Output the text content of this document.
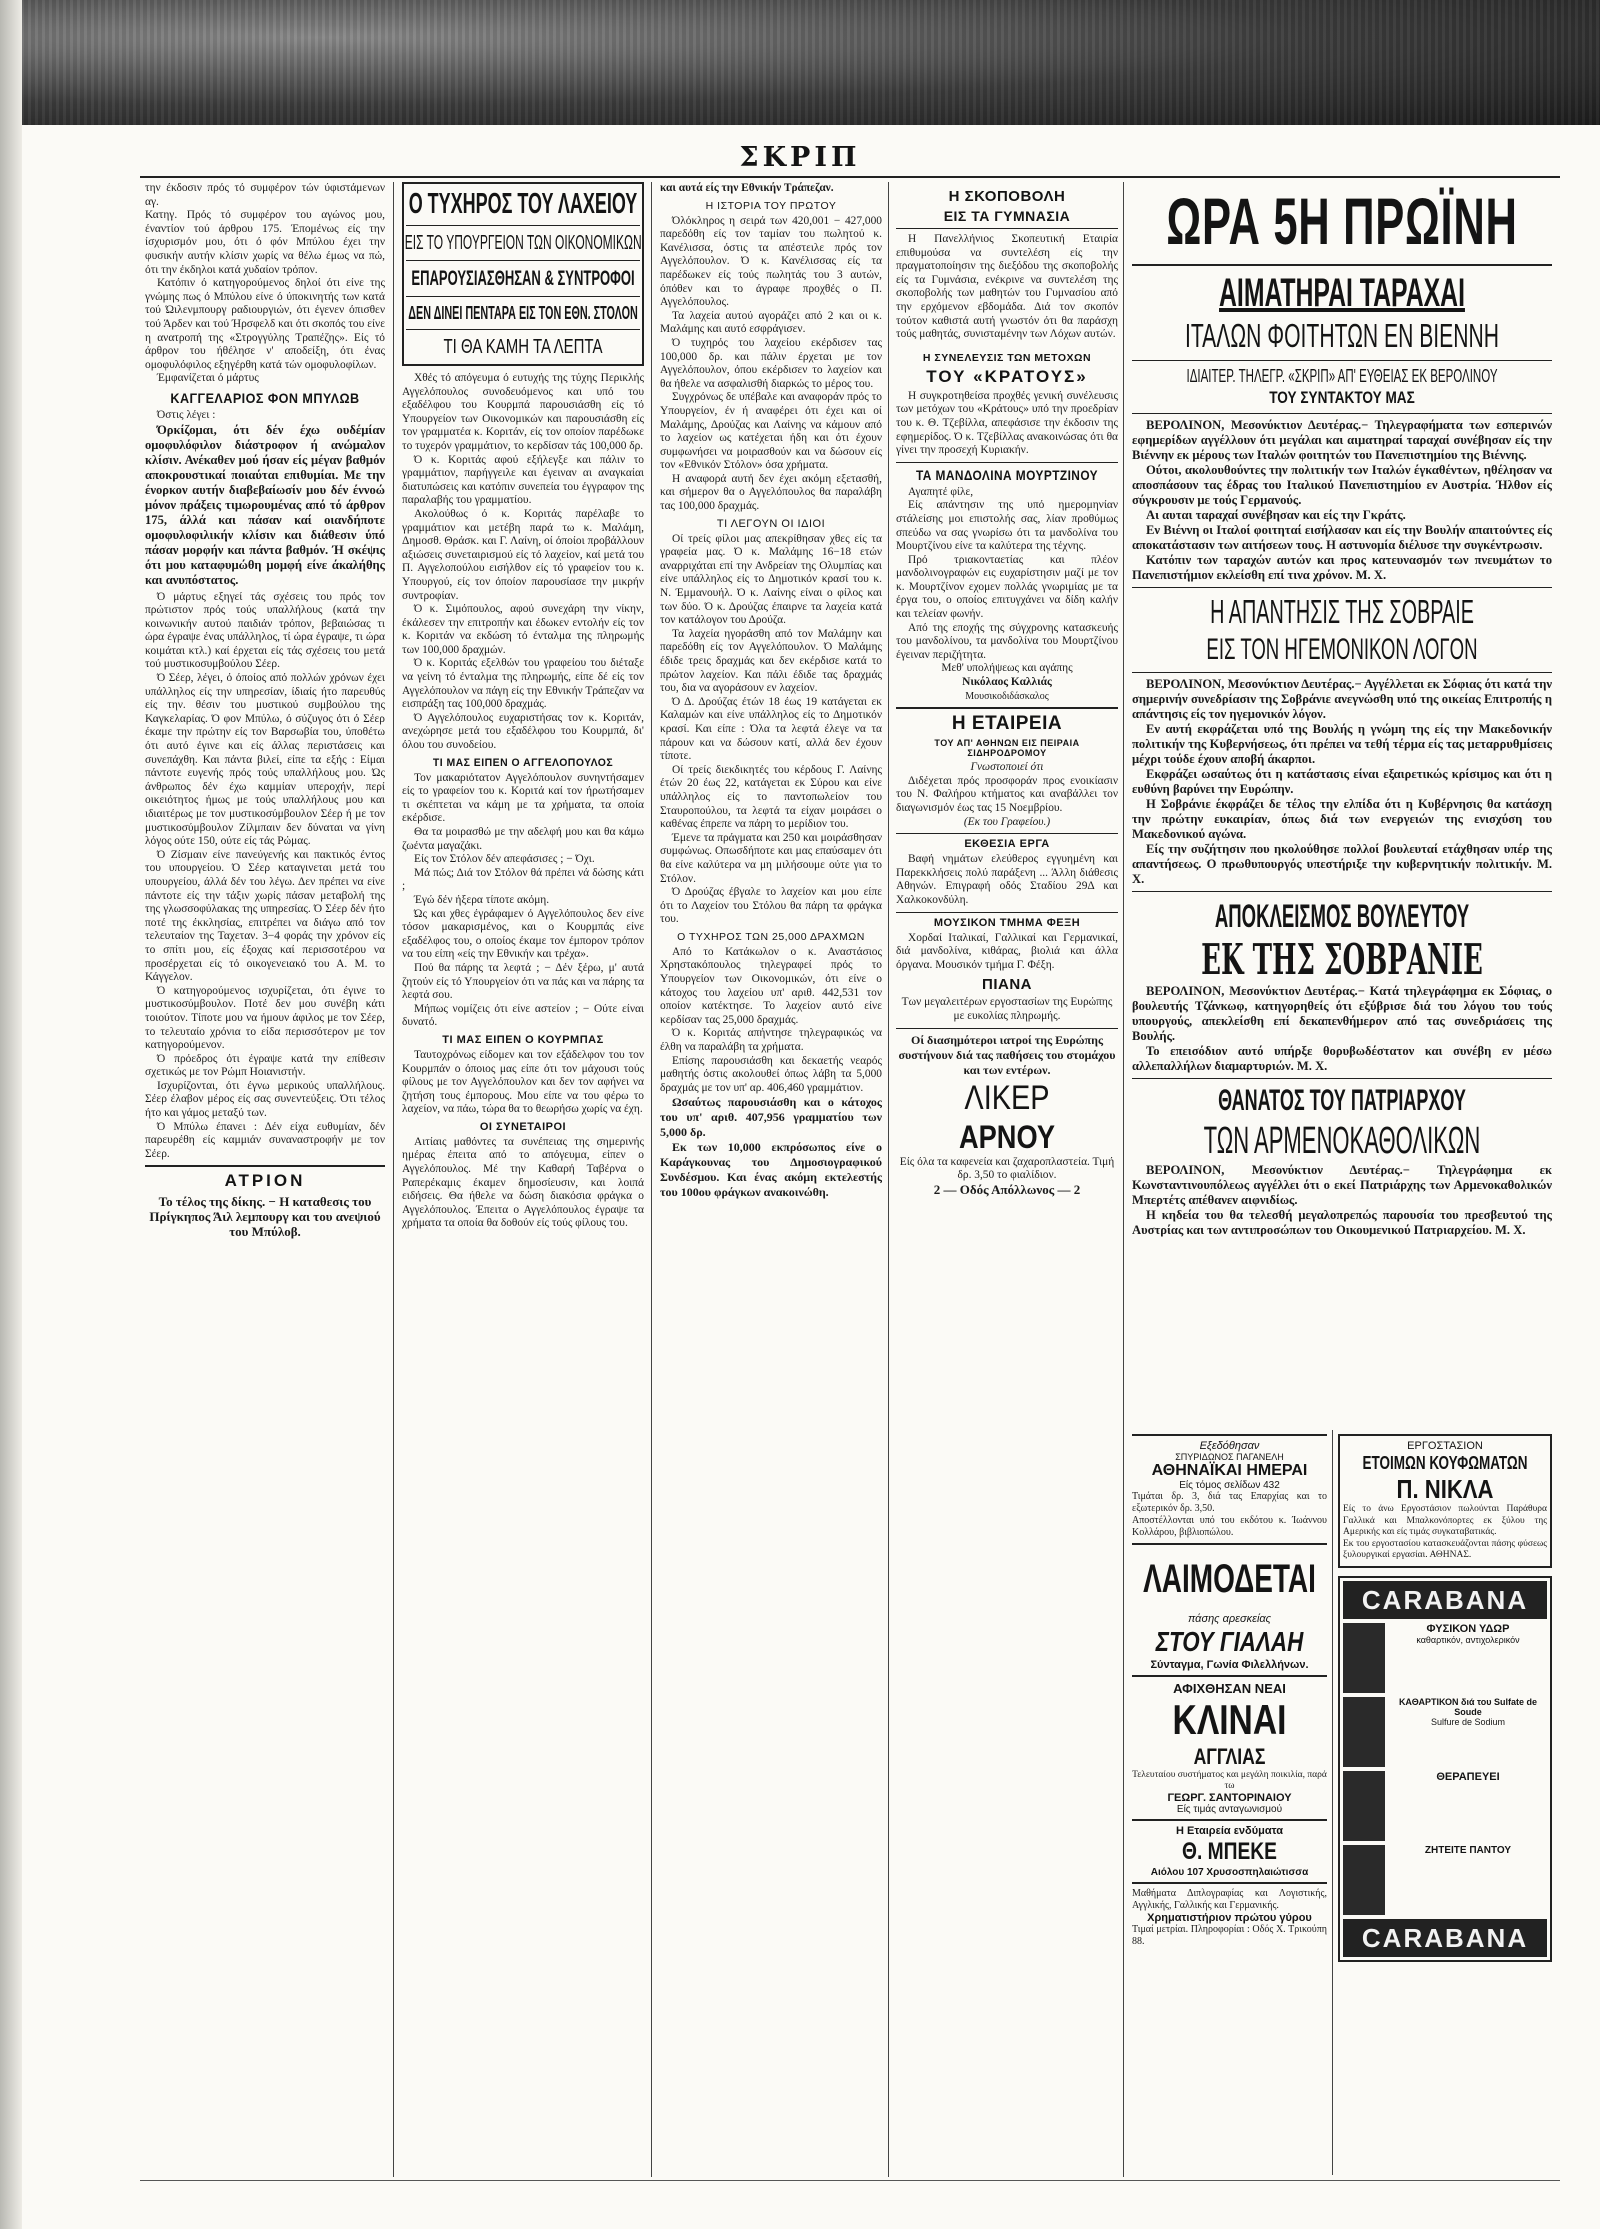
ΣΚΡΙΠ

την έκδοσιν πρός τό συμφέρον τών ύφιστάμενων αγ.

Κατηγ. Πρός τό συμφέρον του αγώνος μου, έναντίον τού άρθρου 175. Έπομένως είς την ίσχυρισμόν μου, ότι ό φόν Μπύλου έχει την φυσικήν αυτήν κλίσιν χωρίς να θέλω έμως να πώ, ότι την έκδηλοι κατά χυδαίον τρόπον.

Κατόπιν ό κατηγορούμενος δηλοί ότι είνε της γνώμης πως ό Μπύλου είνε ό ύποκινητής των κατά τού Ώιλενμπουργ ραδιουργιών, ότι έγενεν όπισθεν τού Άρδεν και τού Ήρσφελδ και ότι σκοπός του είνε η ανατροπή της «Στρογγύλης Τραπέζης». Είς τό άρθρον του ήθέλησε ν' αποδείξη, ότι ένας ομοφυλόφιλος εξηγέρθη κατά τών ομοφυλοφίλων.

Έμφανίζεται ό μάρτυς

ΚΑΓΓΕΛΑΡΙΟΣ ΦΟΝ ΜΠΥΛΩΒ

Όστις λέγει :

Όρκίζομαι, ότι δέν έχω ουδέμίαν ομοφυλόφιλον διάστροφον ή ανώμαλον κλίσιν. Ανέκαθεν μού ήσαν είς μέγαν βαθμόν αποκρουστικαί ποιαύται επιθυμίαι. Με την ένορκον αυτήν διαβεβαίωσίν μου δέν έννοώ μόνον πράξεις τιμωρουμένας από τό άρθρον 175, άλλά και πάσαν καί οιανδήποτε ομοφυλοφιλικήν κλίσιν και διάθεσιν ύπό πάσαν μορφήν και πάντα βαθμόν. Ή σκέψις ότι μου καταφυμώθη μομφή είνε άκαλήθης και ανυπόστατος.

Ό μάρτυς εξηγεί τάς σχέσεις του πρός τον πρώτιστον πρός τούς υπαλλήλους (κατά την κοινωνικήν αυτού παιδιάν τρόπον, βεβαιώσας τι ώρα έγραψε ένας υπάλληλος, τί ώρα έγραψε, τι ώρα κοιμάται κτλ.) καί έρχεται είς τάς σχέσεις του μετά τού μυστικοσυμβούλου Σέερ.

Ό Σέερ, λέγει, ό όποίος από πολλών χρόνων έχει υπάλληλος είς την υπηρεσίαν, ίδιαίς ήτο παρευθύς είς την. θέσιν του μυστικού συμβούλου της Καγκελαρίας. Ό φον Μπύλω, ό σύζυγος ότι ό Σέερ έκαμε την πρώτην είς τον Βαρσωβία του, ύποθέτω ότι αυτό έγινε και είς άλλας περιστάσεις και συνεπάχθη. Και πάντα βιλεί, είπε τα εξής : Είμαι πάντοτε ευγενής πρός τούς υπαλλήλους μου. Ώς άνθρωπος δέν έχω καμμίαν υπεροχήν, περί οικειότητος ήμως με τούς υπαλλήλους μου και ιδιαιτέρως με τον μυστικοσύμβουλον Σέερ ή με τον μυστικοσύμβουλον Ζίλμπαιν δεν δύναται να γίνη λόγος ούτε 150, ούτε είς τάς Ρώμας.

Ό Ζίσμαιν είνε πανεύγενής και πακτικός έντος του υπουργείου. Ό Σέερ καταγινεται μετά του υπουργείου, άλλά δέν του λέγω. Δεν πρέπει να είνε πάντοτε είς την τάξιν χωρίς πάσαν μεταβολή της της γλωσσοφύλακας της υπηρεσίας. Ό Σέερ δέν ήτο ποτέ της έκκλησίας, επιτρέπει να διάγω από τον τελευταίον της Ταχεταν. 3−4 φοράς την χρόνον είς το σπίτι μου, είς έξοχας καί περισσοτέρου να προσέρχεται είς τό οικογενειακό του Α. Μ. το Κάγγελον.

Ό κατηγορούμενος ισχυρίζεται, ότι έγινε το μυστικοσύμβουλον. Ποτέ δεν μου συνέβη κάτι τοιούτον. Τίποτε μου να ήμουν άφιλος με τον Σέερ, το τελευταίο χρόνια το είδα περισσότερον με τον κατηγορούμενον.

Ό πρόεδρος ότι έγραψε κατά την επίθεσιν σχετικώς με τον Ρώμπ Ηοιανιστήν.

Ισχυρίζονται, ότι έγνω μερικούς υπαλλήλους. Σέερ έλαβον μέρος είς σας συνεντεύξεις. Ότι τέλος ήτο και γάμος μεταξύ των.

Ό Μπύλω έπανει : Δέν είχα ευθυμίαν, δέν παρευρέθη είς καμμιάν συναναστροφήν με τον Σέερ.

ΑΤΡΙΟΝ

Το τέλος της δίκης. − Η καταθεσις του Πρίγκηπος Άιλ λεμπουργ και του ανεψιού του Μπύλοβ.

Ο ΤΥΧΗΡΟΣ ΤΟΥ ΛΑΧΕΙΟΥ
ΕΙΣ ΤΟ ΥΠΟΥΡΓΕΙΟΝ ΤΩΝ ΟΙΚΟΝΟΜΙΚΩΝ
ΕΠΑΡΟΥΣΙΑΣΘΗΣΑΝ & ΣΥΝΤΡΟΦΟΙ
ΔΕΝ ΔΙΝΕΙ ΠΕΝΤΑΡΑ ΕΙΣ ΤΟΝ ΕΘΝ. ΣΤΟΛΟΝ
ΤΙ ΘΑ ΚΑΜΗ ΤΑ ΛΕΠΤΑ

Χθές τό απόγευμα ό ευτυχής της τύχης Περικλής Αγγελόπουλος συνοδευόμενος και υπό του εξαδέλφου του Κουρμπά παρουσιάσθη είς τό Υπουργείον των Οικονομικών και παρουσιάσθη είς τον γραμματέα κ. Κοριτάν, είς τον οποίον παρέδωκε το τυχερόν γραμμάτιον, το κερδίσαν τάς 100,000 δρ.

Ό κ. Κοριτάς αφού εξήλεγξε και πάλιν το γραμμάτιον, παρήγγειλε και έγειναν αι αναγκαίαι διατυπώσεις και κατόπιν συνεπεία του έγγραφον της παραλαβής του γραμματίου.

Ακολούθως ό κ. Κοριτάς παρέλαβε το γραμμάτιον και μετέβη παρά τω κ. Μαλάμη, Δημοσθ. Θράσκ. και Γ. Λαίνη, οί όποίοι προβάλλουν αξιώσεις συνεταιρισμού είς τό λαχείον, καί μετά του Π. Αγγελοπούλου εισήλθον είς τό γραφείον του κ. Υπουργού, είς τον όποίον παρουσίασε την μικρήν συντροφίαν.

Ό κ. Σιμόπουλος, αφού συνεχάρη την νίκην, έκάλεσεν την επιτροπήν και έδωκεν εντολήν είς τον κ. Κοριτάν να εκδώση τό ένταλμα της πληρωμής των 100,000 δραχμών.

Ό κ. Κοριτάς εξελθών του γραφείου του διέταξε να γείνη τό ένταλμα της πληρωμής, είπε δέ είς τον Αγγελόπουλον να πάγη είς την Εθνικήν Τράπεζαν να εισπράξη τας 100,000 δραχμάς.

Ό Αγγελόπουλος ευχαριστήσας τον κ. Κοριτάν, ανεχώρησε μετά του εξαδέλφου του Κουρμπά, δι' όλου του συνοδείου.

ΤΙ ΜΑΣ ΕΙΠΕΝ Ο ΑΓΓΕΛΟΠΟΥΛΟΣ

Τον μακαριότατον Αγγελόπουλον συνηντήσαμεν είς το γραφείον του κ. Κοριτά καί τον ήρωτήσαμεν τι σκέπτεται να κάμη με τα χρήματα, τα οποία εκέρδισε.

Θα τα μοιρασθώ με την αδελφή μου και θα κάμω ζωέντα μαγαζάκι.

Είς τον Στόλον δέν απεφάσισες ; − Όχι.

Μά πώς; Διά τον Στόλον θά πρέπει νά δώσης κάτι ;

Έγώ δέν ήξερα τίποτε ακόμη.

Ώς και χθες έγράφαμεν ό Αγγελόπουλος δεν είνε τόσον μακαρισμένος, και ο Κουρμπάς είνε εξαδέλφος του, ο οποίος έκαμε τον έμπορον τρόπον να του είπη «είς την Εθνικήν και τρέχα».

Πού θα πάρης τα λεφτά ; − Δέν ξέρω, μ' αυτά ζητούν είς τό Υπουργείον ότι να πάς και να πάρης τα λεφτά σου.

Μήπως νομίζεις ότι είνε αστείον ; − Ούτε είναι δυνατό.

ΤΙ ΜΑΣ ΕΙΠΕΝ Ο ΚΟΥΡΜΠΑΣ

Ταυτοχρόνως είδομεν και τον εξάδελφον του τον Κουρμπάν ο όποιος μας είπε ότι τον μάχουσι τούς φίλους με τον Αγγελόπουλον και δεν τον αφήνει να ζητήση τους έμπορους. Μου είπε να του φέρω το λαχείον, να πάω, τώρα θα το θεωρήσω χωρίς να έχη.

ΟΙ ΣΥΝΕΤΑΙΡΟΙ

Αιτίαις μαθόντες τα συνέπειας της σημερινής ημέρας έπειτα από το απόγευμα, είπεν ο Αγγελόπουλος. Μέ την Καθαρή Ταβέρνα ο Ραπερέκαμις έκαμεν δημοσίευσιν, και λοιπά ειδήσεις. Θα ήθελε να δώση διακόσια φράγκα ο Αγγελόπουλος. Έπειτα ο Αγγελόπουλος έγραψε τα χρήματα τα οποία θα δοθούν είς τούς φίλους του.

και αυτά είς την Εθνικήν Τράπεζαν.

Η ΙΣΤΟΡΙΑ ΤΟΥ ΠΡΩΤΟΥ

Όλόκληρος η σειρά των 420,001 − 427,000 παρεδόθη είς τον ταμίαν του πωλητού κ. Κανέλισσα, όστις τα απέστειλε πρός τον Αγγελόπουλον. Ό κ. Κανέλισσας είς τα παρέδωκεν είς τούς πωλητάς του 3 αυτών, όπόθεν και το άγραφε προχθές ο Π. Αγγελόπουλος.

Τα λαχεία αυτού αγοράζει από 2 και οι κ. Μαλάμης και αυτό εσφράγισεν.

Ό τυχηρός του λαχείου εκέρδισεν τας 100,000 δρ. και πάλιν έρχεται με τον Αγγελόπουλον, όπου εκέρδισεν το λαχείον και θα ήθελε να ασφαλισθή διαρκώς το μέρος του.

Συγχρόνως δε υπέβαλε και αναφοράν πρός το Υπουργείον, έν ή αναφέρει ότι έχει και οί Μαλάμης, Δρούζας και Λαίνης να κάμουν από το λαχείον ως κατέχεται ήδη και ότι έχουν συμφωνήσει να μοιρασθούν και να δώσουν είς τον «Εθνικόν Στόλον» όσα χρήματα.

Η αναφορά αυτή δεν έχει ακόμη εξετασθή, και σήμερον θα ο Αγγελόπουλος θα παραλάβη τας 100,000 δραχμάς.

ΤΙ ΛΕΓΟΥΝ ΟΙ ΙΔΙΟΙ

Οί τρείς φίλοι μας απεκρίθησαν χθες είς τα γραφεία μας. Ό κ. Μαλάμης 16−18 ετών αναρριχάται επί την Ανδρείαν της Ολυμπίας και είνε υπάλληλος είς το Δημοτικόν κρασί του κ. Ν. Έμμανουήλ. Ό κ. Λαίνης είναι ο φίλος και των δύο. Ό κ. Δρούζας έπαιρνε τα λαχεία κατά τον κατάλογον του Δρούζα.

Τα λαχεία ηγοράσθη από τον Μαλάμην και παρεδόθη είς τον Αγγελόπουλον. Ό Μαλάμης έδιδε τρεις δραχμάς και δεν εκέρδισε κατά το πρώτον λαχείον. Και πάλι έδιδε τας δραχμάς του, δια να αγοράσουν εν λαχείον.

Ό Δ. Δρούζας έτών 18 έως 19 κατάγεται εκ Καλαμών και είνε υπάλληλος είς το Δημοτικόν κρασί. Και είπε : Όλα τα λεφτά έλεγε να τα πάρουν και να δώσουν κατί, αλλά δεν έχουν τίποτε.

Οί τρείς διεκδικητές του κέρδους Γ. Λαίνης έτών 20 έως 22, κατάγεται εκ Σύρου και είνε υπάλληλος είς το παντοπωλείον του Σταυροπούλου, τα λεφτά τα είχαν μοιράσει ο καθένας έπρεπε να πάρη το μερίδιον του.

Έμενε τα πράγματα και 250 και μοιράσθησαν συμφώνως. Οπωσδήποτε και μας επαύσαμεν ότι θα είνε καλύτερα να μη μιλήσουμε ούτε για το Στόλον.

Ό Δρούζας έβγαλε το λαχείον και μου είπε ότι το Λαχείον του Στόλου θα πάρη τα φράγκα του.

Ο ΤΥΧΗΡΟΣ ΤΩΝ 25,000 ΔΡΑΧΜΩΝ

Από το Κατάκωλον ο κ. Αναστάσιος Χρηστακόπουλος τηλεγραφεί πρός το Υπουργείον των Οικονομικών, ότι είνε ο κάτοχος του λαχείου υπ' αριθ. 442,531 τον οποίον κατέκτησε. Το λαχείον αυτό είνε κερδίσαν τας 25,000 δραχμάς.

Ό κ. Κοριτάς απήντησε τηλεγραφικώς να έλθη να παραλάβη τα χρήματα.

Επίσης παρουσιάσθη και δεκαετής νεαρός μαθητής όστις ακολουθεί όπως λάβη τα 5,000 δραχμάς με τον υπ' αρ. 406,460 γραμμάτιον.

Ωσαύτως παρουσιάσθη και ο κάτοχος του υπ' αριθ. 407,956 γραμματίου των 5,000 δρ.

Εκ των 10,000 εκπρόσωπος είνε ο Καράγκουνας του Δημοσιογραφικού Συνδέσμου. Και ένας ακόμη εκτελεστής του 100ου φράγκων ανακοινώθη.

Η ΣΚΟΠΟΒΟΛΗ
ΕΙΣ ΤΑ ΓΥΜΝΑΣΙΑ

Η Πανελλήνιος Σκοπευτική Εταιρία επιθυμούσα να συντελέση είς την πραγματοποίησιν της διεξόδου της σκοποβολής είς τα Γυμνάσια, ενέκρινε να συντελέση της σκοποβολής των μαθητών του Γυμνασίου από την ερχόμενον εβδομάδα. Διά τον σκοπόν τούτον καθιστά αυτή γνωστόν ότι θα παράσχη τούς μαθητάς, συνισταμένην των Λόχων αυτών.

Η ΣΥΝΕΛΕΥΣΙΣ ΤΩΝ ΜΕΤΟΧΩΝ
ΤΟΥ «ΚΡΑΤΟΥΣ»

Η συγκροτηθείσα προχθές γενική συνέλευσις των μετόχων του «Κράτους» υπό την προεδρίαν του κ. Θ. Τζεβίλλα, απεφάσισε την έκδοσιν της εφημερίδος. Ό κ. Τζεβίλλας ανακοινώσας ότι θα γίνει την προσεχή Κυριακήν.

ΤΑ ΜΑΝΔΟΛΙΝΑ ΜΟΥΡΤΖΙΝΟΥ

Αγαπητέ φίλε,

Είς απάντησιν της υπό ημερομηνίαν στάλείσης μοι επιστολής σας, λίαν προθύμως σπεύδω να σας γνωρίσω ότι τα μανδολίνα του Μουρτζίνου είνε τα καλύτερα της τέχνης.

Πρό τριακονταετίας και πλέον μανδολινογραφών εις ευχαρίστησιν μαζί με τον κ. Μουρτζίνον εχομεν πολλάς γνωριμίας με τα έργα του, ο οποίος επιτυγχάνει να δίδη καλήν και τελείαν φωνήν.

Από της εποχής της σύγχρονης κατασκευής του μανδολίνου, τα μανδολίνα του Μουρτζίνου έγειναν περιζήτητα.

Μεθ' υπολήψεως και αγάπης

Νικόλαος Καλλιάς

Μουσικοδιδάσκαλος

Η ΕΤΑΙΡΕΙΑ
ΤΟΥ ΑΠ' ΑΘΗΝΩΝ ΕΙΣ ΠΕΙΡΑΙΑ ΣΙΔΗΡΟΔΡΟΜΟΥ

Γνωστοποιεί ότι

Διδέχεται πρός προσφοράν προς ενοικίασιν του Ν. Φαλήρου κτήματος και αναβάλλει τον διαγωνισμόν έως τας 15 Νοεμβρίου.

(Εκ του Γραφείου.)

ΕΚΘΕΣΙΑ ΕΡΓΑ

Βαφή νημάτων ελεύθερος εγγυημένη και Παρεκκλήσεις πολύ παράξενη ... Άλλη διάθεσις Αθηνών. Επιγραφή οδός Σταδίου 29Δ και Χαλκοκονδύλη.

ΜΟΥΣΙΚΟΝ ΤΜΗΜΑ ΦΕΞΗ

Χορδαί Ιταλικαί, Γαλλικαί και Γερμανικαί, διά μανδολίνα, κιθάρας, βιολιά και άλλα όργανα. Μουσικόν τμήμα Γ. Φέξη.

ΠΙΑΝΑ

Των μεγαλειτέρων εργοστασίων της Ευρώπης με ευκολίας πληρωμής.

Οί διασημότεροι ιατροί της Ευρώπης συστήνουν διά τας παθήσεις του στομάχου και των εντέρων.

ΛΙΚΕΡ
ΑΡΝΟΥ

Είς όλα τα καφενεία και ζαχαροπλαστεία. Τιμή δρ. 3,50 το φιαλίδιον.

2 — Οδός Απόλλωνος — 2

ΩΡΑ 5Η ΠΡΩΪΝΗ
ΑΙΜΑΤΗΡΑΙ ΤΑΡΑΧΑΙ
ΙΤΑΛΩΝ ΦΟΙΤΗΤΩΝ ΕΝ ΒΙΕΝΝΗ
ΙΔΙΑΙΤΕΡ. ΤΗΛΕΓΡ. «ΣΚΡΙΠ» ΑΠ' ΕΥΘΕΙΑΣ ΕΚ ΒΕΡΟΛΙΝΟΥ
ΤΟΥ ΣΥΝΤΑΚΤΟΥ ΜΑΣ

ΒΕΡΟΛΙΝΟΝ, Μεσονύκτιον Δευτέρας.− Τηλεγραφήματα των εσπερινών εφημερίδων αγγέλλουν ότι μεγάλαι και αιματηραί ταραχαί συνέβησαν είς την Βιέννην εκ μέρους των Ιταλών φοιτητών του Πανεπιστημίου της Βιέννης.

Ούτοι, ακολουθούντες την πολιτικήν των Ιταλών έγκαθέντων, ηθέλησαν να αποσπάσουν τας έδρας του Ιταλικού Πανεπιστημίου εν Αυστρία. Ήλθον είς σύγκρουσιν με τούς Γερμανούς.

Αι αυται ταραχαί συνέβησαν και είς την Γκράτς.

Εν Βιέννη οι Ιταλοί φοιτηταί εισήλασαν και είς την Βουλήν απαιτούντες είς αποκατάστασιν των αιτήσεων τους. Η αστυνομία διέλυσε την συγκέντρωσιν.

Κατόπιν των ταραχών αυτών και προς κατευνασμόν των πνευμάτων το Πανεπιστήμιον εκλείσθη επί τινα χρόνον. Μ. Χ.

Η ΑΠΑΝΤΗΣΙΣ ΤΗΣ ΣΟΒΡΑΙΕ
ΕΙΣ ΤΟΝ ΗΓΕΜΟΝΙΚΟΝ ΛΟΓΟΝ

ΒΕΡΟΛΙΝΟΝ, Μεσονύκτιον Δευτέρας.− Αγγέλλεται εκ Σόφιας ότι κατά την σημερινήν συνεδρίασιν της Σοβράνιε ανεγνώσθη υπό της οικείας Επιτροπής η απάντησις είς τον ηγεμονικόν λόγον.

Εν αυτή εκφράζεται υπό της Βουλής η γνώμη της είς την Μακεδονικήν πολιτικήν της Κυβερνήσεως, ότι πρέπει να τεθή τέρμα είς τας μεταρρυθμίσεις μέχρι τούδε έχουν αποβή άκαρποι.

Εκφράζει ωσαύτως ότι η κατάστασις είναι εξαιρετικώς κρίσιμος και ότι η ευθύνη βαρύνει την Ευρώπην.

Η Σοβράνιε έκφράζει δε τέλος την ελπίδα ότι η Κυβέρνησις θα κατάσχη την πρώτην ευκαιρίαν, όπως διά των ενεργειών της ενισχύση του Μακεδονικού αγώνα.

Είς την συζήτησιν που ηκολούθησε πολλοί βουλευταί ετάχθησαν υπέρ της απαντήσεως. Ο πρωθυπουργός υπεστήριξε την κυβερνητικήν πολιτικήν. Μ. Χ.

ΑΠΟΚΛΕΙΣΜΟΣ ΒΟΥΛΕΥΤΟΥ
ΕΚ ΤΗΣ ΣΟΒΡΑΝΙΕ

ΒΕΡΟΛΙΝΟΝ, Μεσονύκτιον Δευτέρας.− Κατά τηλεγράφημα εκ Σόφιας, ο βουλευτής Τζάνκωφ, κατηγορηθείς ότι εξύβρισε διά του λόγου του τούς υπουργούς, απεκλείσθη επί δεκαπενθήμερον από τας συνεδριάσεις της Βουλής.

Το επεισόδιον αυτό υπήρξε θορυβωδέστατον και συνέβη εν μέσω αλλεπαλλήλων διαμαρτυριών. Μ. Χ.

ΘΑΝΑΤΟΣ ΤΟΥ ΠΑΤΡΙΑΡΧΟΥ
ΤΩΝ ΑΡΜΕΝΟΚΑΘΟΛΙΚΩΝ

ΒΕΡΟΛΙΝΟΝ, Μεσονύκτιον Δευτέρας.− Τηλεγράφημα εκ Κωνσταντινουπόλεως αγγέλλει ότι ο εκεί Πατριάρχης των Αρμενοκαθολικών Μπερτέτς απέθανεν αιφνιδίως.

Η κηδεία του θα τελεσθή μεγαλοπρεπώς παρουσία του πρεσβευτού της Αυστρίας και των αντιπροσώπων του Οικουμενικού Πατριαρχείου. Μ. Χ.

Εξεδόθησαν

ΣΠΥΡΙΔΩΝΟΣ ΠΑΓΑΝΕΛΗ

ΑΘΗΝΑΪΚΑΙ ΗΜΕΡΑΙ

Είς τόμος σελίδων 432

Τιμάται δρ. 3, διά τας Επαρχίας και το εξωτερικόν δρ. 3,50.

Αποστέλλονται υπό του εκδότου κ. Ίωάννου Κολλάρου, βιβλιοπώλου.

ΛΑΙΜΟΔΕΤΑΙ

πάσης αρεσκείας

ΣΤΟΥ ΓΙΑΛΑΗ

Σύνταγμα, Γωνία Φιλελλήνων.

ΑΦΙΧΘΗΣΑΝ ΝΕΑΙ

ΚΛΙΝΑΙ
ΑΓΓΛΙΑΣ

Τελευταίου συστήματος και μεγάλη ποικιλία, παρά τω

ΓΕΩΡΓ. ΣΑΝΤΟΡΙΝΑΙΟΥ

Είς τιμάς ανταγωνισμού

Η Εταιρεία ενδύματα

Θ. ΜΠΕΚΕ

Αιόλου 107 Χρυσοσπηλαιώτισσα

Μαθήματα Διπλογραφίας και Λογιστικής, Αγγλικής, Γαλλικής και Γερμανικής.

Χρηματιστήριον πρώτου γύρου

Τιμαί μετρίαι. Πληροφορίαι : Οδός Χ. Τρικούπη 88.

ΕΡΓΟΣΤΑΣΙΟΝ

ΕΤΟΙΜΩΝ ΚΟΥΦΩΜΑΤΩΝ
Π. ΝΙΚΛΑ

Είς το άνω Εργοστάσιον πωλούνται Παράθυρα Γαλλικά και Μπαλκονόπορτες εκ ξύλου της Αμερικής και είς τιμάς συγκαταβατικάς.

Εκ του εργοστασίου κατασκευάζονται πάσης φύσεως ξυλουργικαί εργασίαι. ΑΘΗΝΑΣ.

CARABANA

ΦΥΣΙΚΟΝ ΥΔΩΡ

καθαρτικόν, αντιχολερικόν

ΚΑΘΑΡΤΙΚΟΝ διά του Sulfate de Soude

Sulfure de Sodium

ΘΕΡΑΠΕΥΕΙ

ΖΗΤΕΙΤΕ ΠΑΝΤΟΥ

CARABANA
